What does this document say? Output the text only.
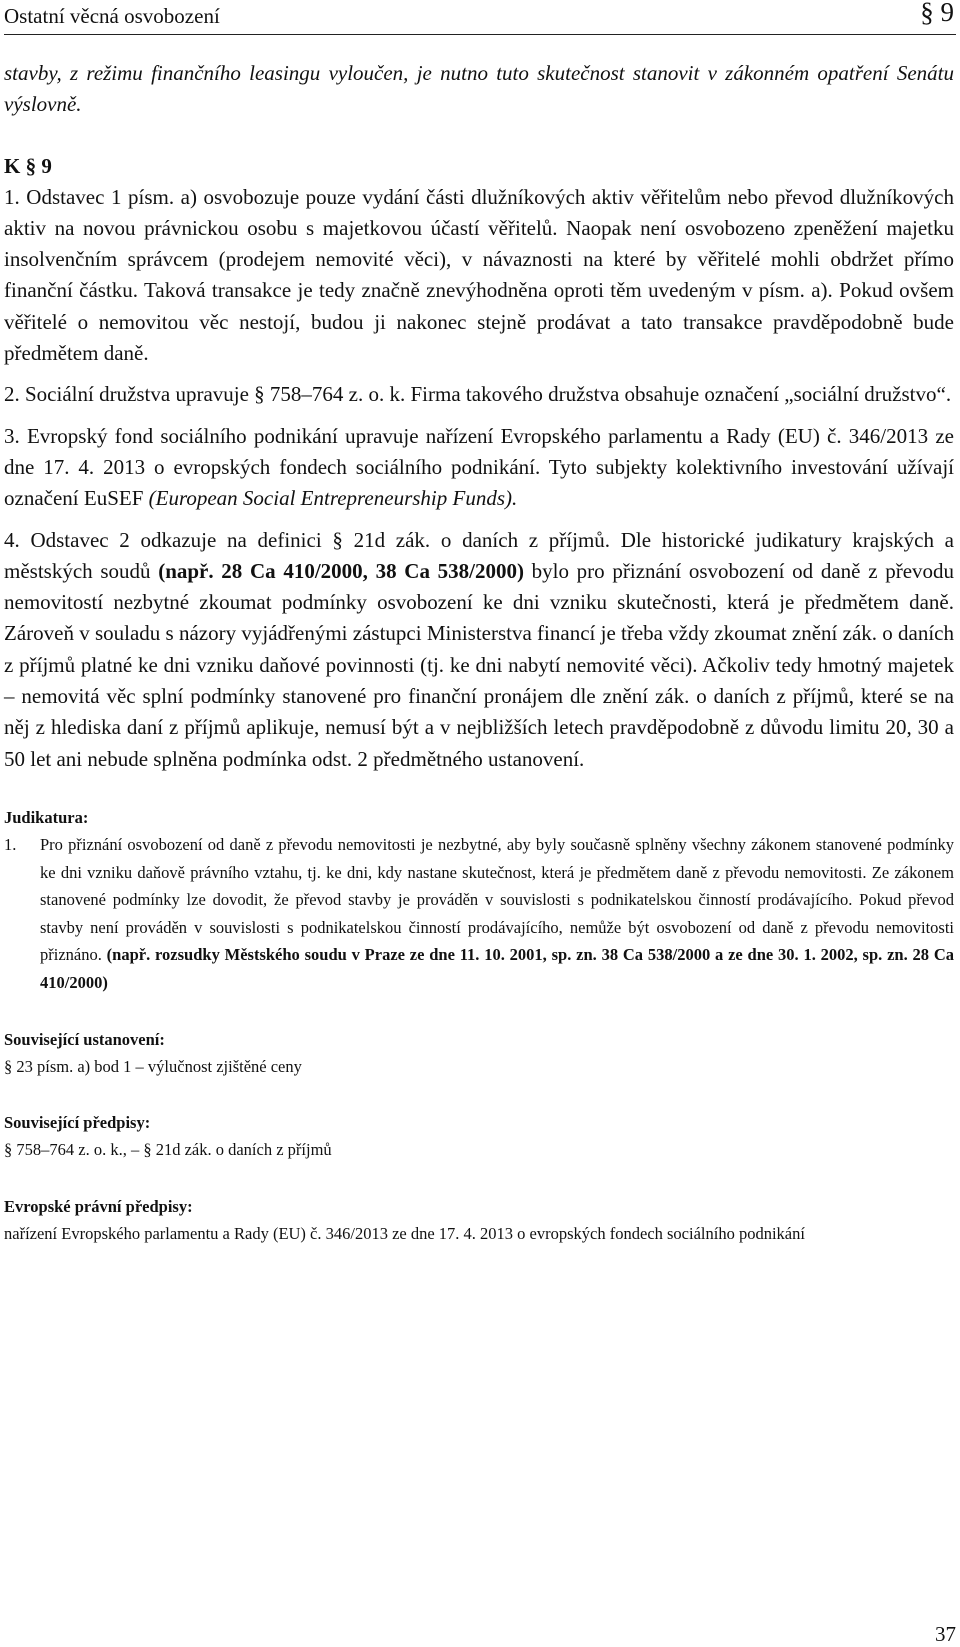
Ostatní věcná osvobození	§ 9

stavby, z režimu finančního leasingu vyloučen, je nutno tuto skutečnost stanovit v zákonném opatření Senátu výslovně.

K § 9

1. Odstavec 1 písm. a) osvobozuje pouze vydání části dlužníkových aktiv věřitelům nebo převod dlužníkových aktiv na novou právnickou osobu s majetkovou účastí věřitelů. Naopak není osvobozeno zpeněžení majetku insolvenčním správcem (prodejem nemovité věci), v návaznosti na které by věřitelé mohli obdržet přímo finanční částku. Taková transakce je tedy značně znevýhodněna oproti těm uvedeným v písm. a). Pokud ovšem věřitelé o nemovitou věc nestojí, budou ji nakonec stejně prodávat a tato transakce pravděpodobně bude předmětem daně.

2. Sociální družstva upravuje § 758–764 z. o. k. Firma takového družstva obsahuje označení „sociální družstvo“.

3. Evropský fond sociálního podnikání upravuje nařízení Evropského parlamentu a Rady (EU) č. 346/2013 ze dne 17. 4. 2013 o evropských fondech sociálního podnikání. Tyto subjekty kolektivního investování užívají označení EuSEF (European Social Entrepreneurship Funds).

4. Odstavec 2 odkazuje na definici § 21d zák. o daních z příjmů. Dle historické judikatury krajských a městských soudů (např. 28 Ca 410/2000, 38 Ca 538/2000) bylo pro přiznání osvobození od daně z převodu nemovitostí nezbytné zkoumat podmínky osvobození ke dni vzniku skutečnosti, která je předmětem daně. Zároveň v souladu s názory vyjádřenými zástupci Ministerstva financí je třeba vždy zkoumat znění zák. o daních z příjmů platné ke dni vzniku daňové povinnosti (tj. ke dni nabytí nemovité věci). Ačkoliv tedy hmotný majetek – nemovitá věc splní podmínky stanovené pro finanční pronájem dle znění zák. o daních z příjmů, které se na něj z hlediska daní z příjmů aplikuje, nemusí být a v nejbližších letech pravděpodobně z důvodu limitu 20, 30 a 50 let ani nebude splněna podmínka odst. 2 předmětného ustanovení.

Judikatura:

1.	Pro přiznání osvobození od daně z převodu nemovitosti je nezbytné, aby byly současně splněny všechny zákonem stanovené podmínky ke dni vzniku daňově právního vztahu, tj. ke dni, kdy nastane skutečnost, která je předmětem daně z převodu nemovitosti. Ze zákonem stanovené podmínky lze dovodit, že převod stavby je prováděn v souvislosti s podnikatelskou činností prodávajícího. Pokud převod stavby není prováděn v souvislosti s podnikatelskou činností prodávajícího, nemůže být osvobození od daně z převodu nemovitosti přiznáno. (např. rozsudky Městského soudu v Praze ze dne 11. 10. 2001, sp. zn. 38 Ca 538/2000 a ze dne 30. 1. 2002, sp. zn. 28 Ca 410/2000)

Související ustanovení:

§ 23 písm. a) bod 1 – výlučnost zjištěné ceny

Související předpisy:

§ 758–764 z. o. k., – § 21d zák. o daních z příjmů

Evropské právní předpisy:

nařízení Evropského parlamentu a Rady (EU) č. 346/2013 ze dne 17. 4. 2013 o evropských fondech sociálního podnikání

37
